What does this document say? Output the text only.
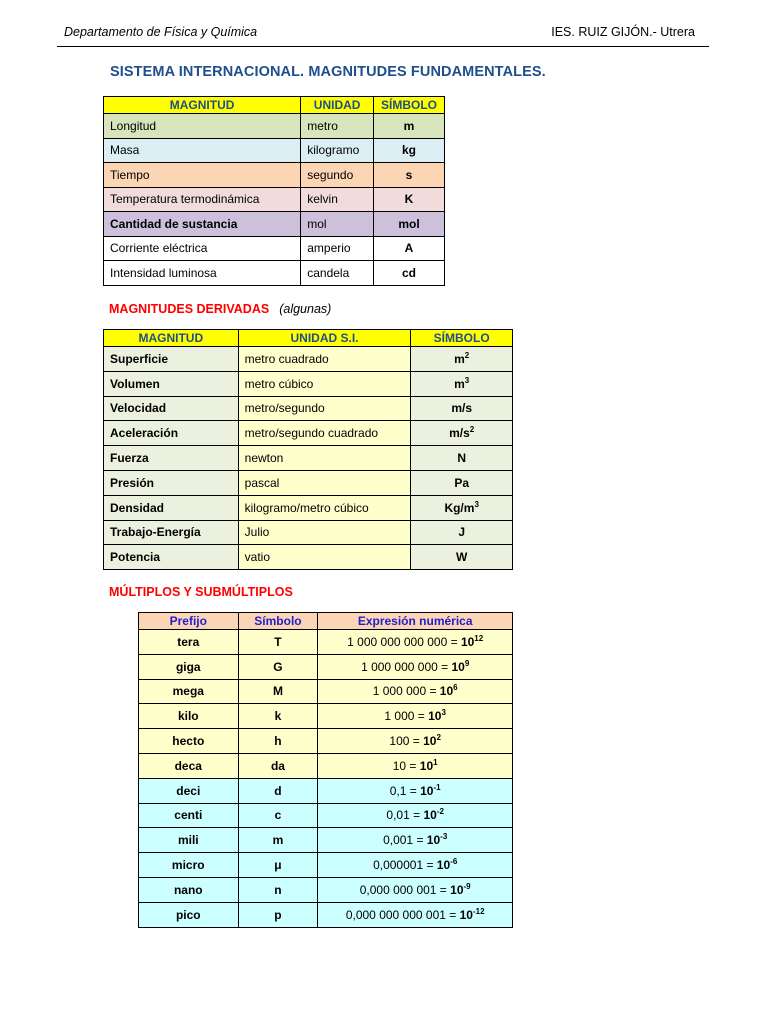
Departamento de Física y Química	IES. RUIZ GIJÓN.- Utrera
SISTEMA INTERNACIONAL. MAGNITUDES FUNDAMENTALES.
MAGNITUD	UNIDAD	SÍMBOLO
Longitud	metro	m
Masa	kilogramo	kg
Tiempo	segundo	s
Temperatura termodinámica	kelvin	K
Cantidad de sustancia	mol	mol
Corriente eléctrica	amperio	A
Intensidad luminosa	candela	cd
MAGNITUDES DERIVADAS (algunas)
MAGNITUD	UNIDAD S.I.	SÍMBOLO
Superficie	metro cuadrado	$m^2$
Volumen	metro cúbico	$m^3$
Velocidad	metro/segundo	m/s
Aceleración	metro/segundo cuadrado	$m/s^2$
Fuerza	newton	N
Presión	pascal	Pa
Densidad	kilogramo/metro cúbico	$Kg/m^3$
Trabajo-Energía	Julio	J
Potencia	vatio	W
MÚLTIPLOS Y SUBMÚLTIPLOS
Prefijo	Símbolo	Expresión numérica
tera	T	1 000 000 000 $000 = 10^{12}$
giga	G	1 000 000 $000 = 10^9$
mega	M	1 000 $000 = 10^6$
kilo	k	1 $000 = 10^3$
hecto	h	$100 = 10^2$
deca	da	$10 = 10^1$
deci	d	$0,1 = 10^{-1}$
centi	c	$0,01 = 10^{-2}$
mili	m	$0,001 = 10^{-3}$
micro	μ	$0,000001 = 10^{-6}$
nano	n	0,000 000 $001 = 10^{-9}$
pico	p	0,000 000 000 $001 = 10^{-12}$
